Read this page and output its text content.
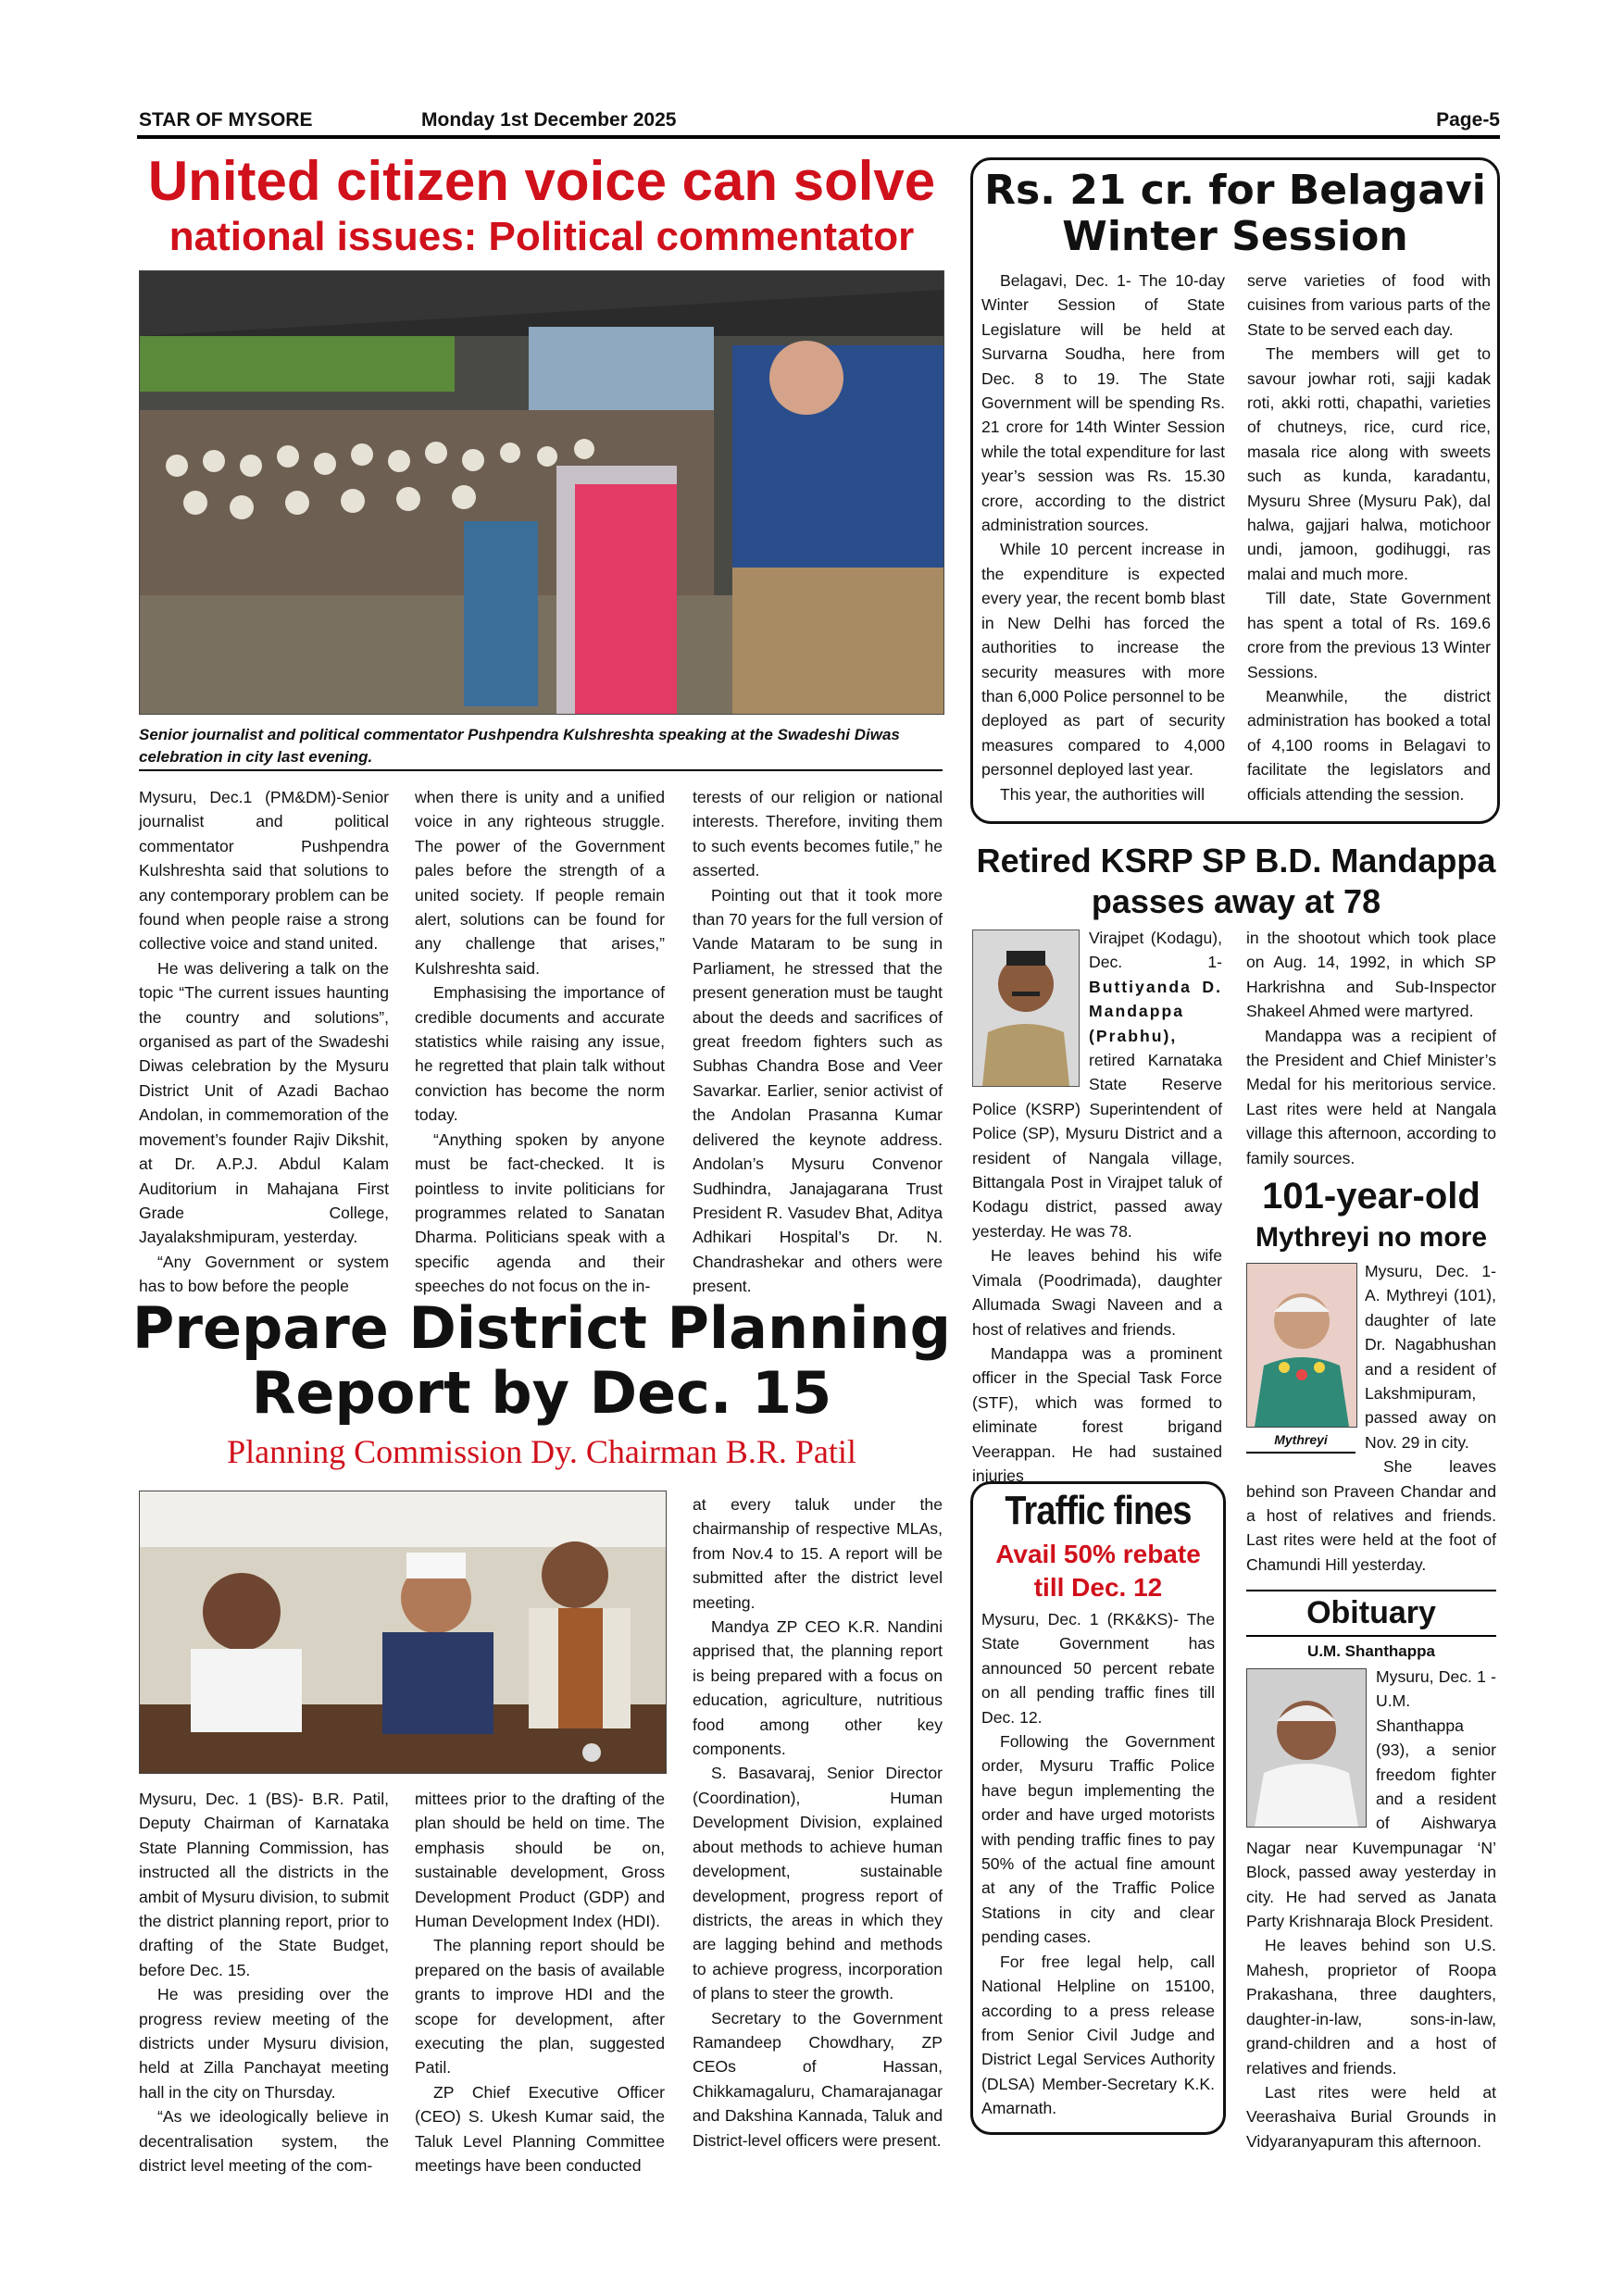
STAR OF MYSORE	Monday 1st December 2025	Page-5
United citizen voice can solve
national issues: Political commentator
Senior journalist and political commentator Pushpendra Kulshreshta speaking at the Swadeshi Diwas celebration in city last evening.

Mysuru, Dec.1 (PM&DM)-Senior journalist and political commentator Pushpendra Kulshreshta said that solutions to any contemporary problem can be found when people raise a strong collective voice and stand united.

He was delivering a talk on the topic “The current issues haunting the country and solutions”, organised as part of the Swadeshi Diwas celebration by the Mysuru District Unit of Azadi Bachao Andolan, in commemoration of the movement’s founder Rajiv Dikshit, at Dr. A.P.J. Abdul Kalam Auditorium in Mahajana First Grade College, Jayalakshmipuram, yesterday.

“Any Government or system has to bow before the people

when there is unity and a unified voice in any righteous struggle. The power of the Government pales before the strength of a united society. If people remain alert, solutions can be found for any challenge that arises,” Kulshreshta said.

Emphasising the importance of credible documents and accurate statistics while raising any issue, he regretted that plain talk without conviction has become the norm today.

“Anything spoken by anyone must be fact-checked. It is pointless to invite politicians for programmes related to Sanatan Dharma. Politicians speak with a specific agenda and their speeches do not focus on the in-

terests of our religion or national interests. Therefore, inviting them to such events becomes futile,” he asserted.

Pointing out that it took more than 70 years for the full version of Vande Mataram to be sung in Parliament, he stressed that the present generation must be taught about the deeds and sacrifices of great freedom fighters such as Subhas Chandra Bose and Veer Savarkar. Earlier, senior activist of the Andolan Prasanna Kumar delivered the keynote address. Andolan’s Mysuru Convenor Sudhindra, Janajagarana Trust President R. Vasudev Bhat, Aditya Adhikari Hospital’s Dr. N. Chandrashekar and others were present.

Rs. 21 cr. for Belagavi
Winter Session

Belagavi, Dec. 1- The 10-day Winter Session of State Legislature will be held at Survarna Soudha, here from Dec. 8 to 19. The State Government will be spending Rs. 21 crore for 14th Winter Session while the total expenditure for last year’s session was Rs. 15.30 crore, according to the district administration sources.

While 10 percent increase in the expenditure is expected every year, the recent bomb blast in New Delhi has forced the authorities to increase the security measures with more than 6,000 Police personnel to be deployed as part of security measures compared to 4,000 personnel deployed last year.

This year, the authorities will

serve varieties of food with cuisines from various parts of the State to be served each day.

The members will get to savour jowhar roti, sajji kadak roti, akki rotti, chapathi, varieties of chutneys, rice, curd rice, masala rice along with sweets such as kunda, karadantu, Mysuru Shree (Mysuru Pak), dal halwa, gajjari halwa, motichoor undi, jamoon, godihuggi, ras malai and much more.

Till date, State Government has spent a total of Rs. 169.6 crore from the previous 13 Winter Sessions.

Meanwhile, the district administration has booked a total of 4,100 rooms in Belagavi to facilitate the legislators and officials attending the session.

Retired KSRP SP B.D. Mandappa
passes away at 78

Virajpet (Kodagu), Dec. 1- Buttiyanda D. Mandappa (Prabhu), retired Karnataka State Reserve Police (KSRP) Superintendent of Police (SP), Mysuru District and a resident of Nangala village, Bittangala Post in Virajpet taluk of Kodagu district, passed away yesterday. He was 78.

He leaves behind his wife Vimala (Poodrimada), daughter Allumada Swagi Naveen and a host of relatives and friends.

Mandappa was a prominent officer in the Special Task Force (STF), which was formed to eliminate forest brigand Veerappan. He had sustained injuries

in the shootout which took place on Aug. 14, 1992, in which SP Harkrishna and Sub-Inspector Shakeel Ahmed were martyred.

Mandappa was a recipient of the President and Chief Minister’s Medal for his meritorious service. Last rites were held at Nangala village this afternoon, according to family sources.

101-year-old
Mythreyi no more
Mythreyi

Mysuru, Dec. 1- A. Mythreyi (101), daughter of late Dr. Nagabhushan and a resident of Lakshmipuram, passed away on Nov. 29 in city.

She leaves behind son Praveen Chandar and a host of relatives and friends. Last rites were held at the foot of Chamundi Hill yesterday.

Obituary
U.M. Shanthappa

Mysuru, Dec. 1 - U.M. Shanthappa (93), a senior freedom fighter and a resident of Aishwarya Nagar near Kuvempunagar ‘N’ Block, passed away yesterday in city. He had served as Janata Party Krishnaraja Block President.

He leaves behind son U.S. Mahesh, proprietor of Roopa Prakashana, three daughters, daughter-in-law, sons-in-law, grand-children and a host of relatives and friends.

Last rites were held at Veerashaiva Burial Grounds in Vidyaranyapuram this afternoon.

Prepare District Planning
Report by Dec. 15
Planning Commission Dy. Chairman B.R. Patil

Mysuru, Dec. 1 (BS)- B.R. Patil, Deputy Chairman of Karnataka State Planning Commission, has instructed all the districts in the ambit of Mysuru division, to submit the district planning report, prior to drafting of the State Budget, before Dec. 15.

He was presiding over the progress review meeting of the districts under Mysuru division, held at Zilla Panchayat meeting hall in the city on Thursday.

“As we ideologically believe in decentralisation system, the district level meeting of the com-

mittees prior to the drafting of the plan should be held on time. The emphasis should be on, sustainable development, Gross Development Product (GDP) and Human Development Index (HDI).

The planning report should be prepared on the basis of available grants to improve HDI and the scope for development, after executing the plan, suggested Patil.

ZP Chief Executive Officer (CEO) S. Ukesh Kumar said, the Taluk Level Planning Committee meetings have been conducted

at every taluk under the chairmanship of respective MLAs, from Nov.4 to 15. A report will be submitted after the district level meeting.

Mandya ZP CEO K.R. Nandini apprised that, the planning report is being prepared with a focus on education, agriculture, nutritious food among other key components.

S. Basavaraj, Senior Director (Coordination), Human Development Division, explained about methods to achieve human development, sustainable development, progress report of districts, the areas in which they are lagging behind and methods to achieve progress, incorporation of plans to steer the growth.

Secretary to the Government Ramandeep Chowdhary, ZP CEOs of Hassan, Chikkamagaluru, Chamarajanagar and Dakshina Kannada, Taluk and District-level officers were present.

Traffic fines
Avail 50% rebate
till Dec. 12

Mysuru, Dec. 1 (RK&KS)- The State Government has announced 50 percent rebate on all pending traffic fines till Dec. 12.

Following the Government order, Mysuru Traffic Police have begun implementing the order and have urged motorists with pending traffic fines to pay 50% of the actual fine amount at any of the Traffic Police Stations in city and clear pending cases.

For free legal help, call National Helpline on 15100, according to a press release from Senior Civil Judge and District Legal Services Authority (DLSA) Member-Secretary K.K. Amarnath.
